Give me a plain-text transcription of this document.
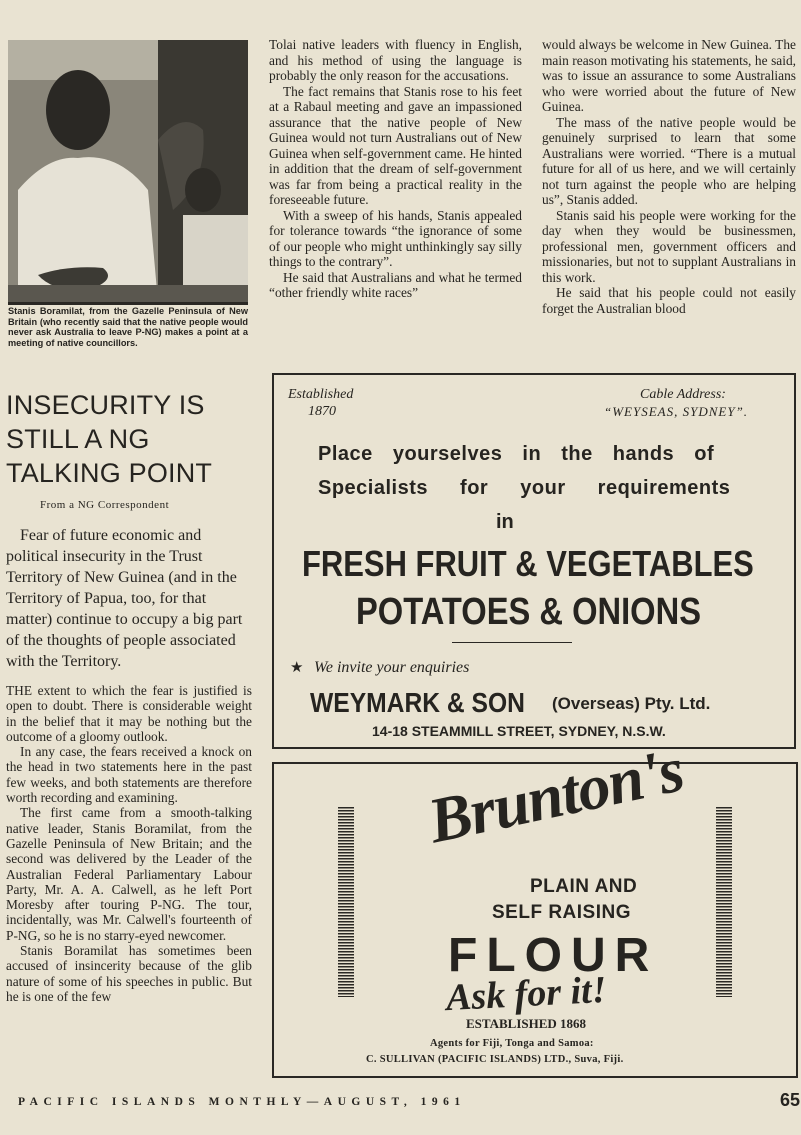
Stanis Boramilat, from the Gazelle Peninsula of New Britain (who recently said that the native people would never ask Australia to leave P-NG) makes a point at a meeting of native councillors.
INSECURITY IS
STILL A NG
TALKING POINT
From a NG Correspondent

Fear of future economic and political insecurity in the Trust Territory of New Guinea (and in the Territory of Papua, too, for that matter) continue to occupy a big part of the thoughts of people associated with the Territory.

THE extent to which the fear is justified is open to doubt. There is considerable weight in the belief that it may be nothing but the outcome of a gloomy outlook.

In any case, the fears received a knock on the head in two statements here in the past few weeks, and both statements are therefore worth recording and examining.

The first came from a smooth-talking native leader, Stanis Boramilat, from the Gazelle Peninsula of New Britain; and the second was delivered by the Leader of the Australian Federal Parliamentary Labour Party, Mr. A. A. Calwell, as he left Port Moresby after touring P-NG. The tour, incidentally, was Mr. Calwell's fourteenth of P-NG, so he is no starry-eyed newcomer.

Stanis Boramilat has sometimes been accused of insincerity because of the glib nature of some of his speeches in public. But he is one of the few

Tolai native leaders with fluency in English, and his method of using the language is probably the only reason for the accusations.

The fact remains that Stanis rose to his feet at a Rabaul meeting and gave an impassioned assurance that the native people of New Guinea would not turn Australians out of New Guinea when self-government came. He hinted in addition that the dream of self-government was far from being a practical reality in the foreseeable future.

With a sweep of his hands, Stanis appealed for tolerance towards “the ignorance of some of our people who might unthinkingly say silly things to the contrary”.

He said that Australians and what he termed “other friendly white races”

would always be welcome in New Guinea. The main reason motivating his statements, he said, was to issue an assurance to some Australians who were worried about the future of New Guinea.

The mass of the native people would be genuinely surprised to learn that some Australians were worried. “There is a mutual future for all of us here, and we will certainly not turn against the people who are helping us”, Stanis added.

Stanis said his people were working for the day when they would be businessmen, professional men, government officers and missionaries, but not to supplant Australians in this work.

He said that his people could not easily forget the Australian blood

Established
1870
Cable Address:
“WEYSEAS, SYDNEY”.
Place yourselves in the hands of
Specialists for your requirements
in
FRESH FRUIT & VEGETABLES
POTATOES & ONIONS
★ We invite your enquiries
WEYMARK & SON (Overseas) Pty. Ltd.
14-18 STEAMMILL STREET, SYDNEY, N.S.W.
Brunton's
PLAIN AND
SELF RAISING
FLOUR
Ask for it!
ESTABLISHED 1868
Agents for Fiji, Tonga and Samoa:
C. SULLIVAN (PACIFIC ISLANDS) LTD., Suva, Fiji.
PACIFIC ISLANDS MONTHLY—AUGUST, 1961	65
